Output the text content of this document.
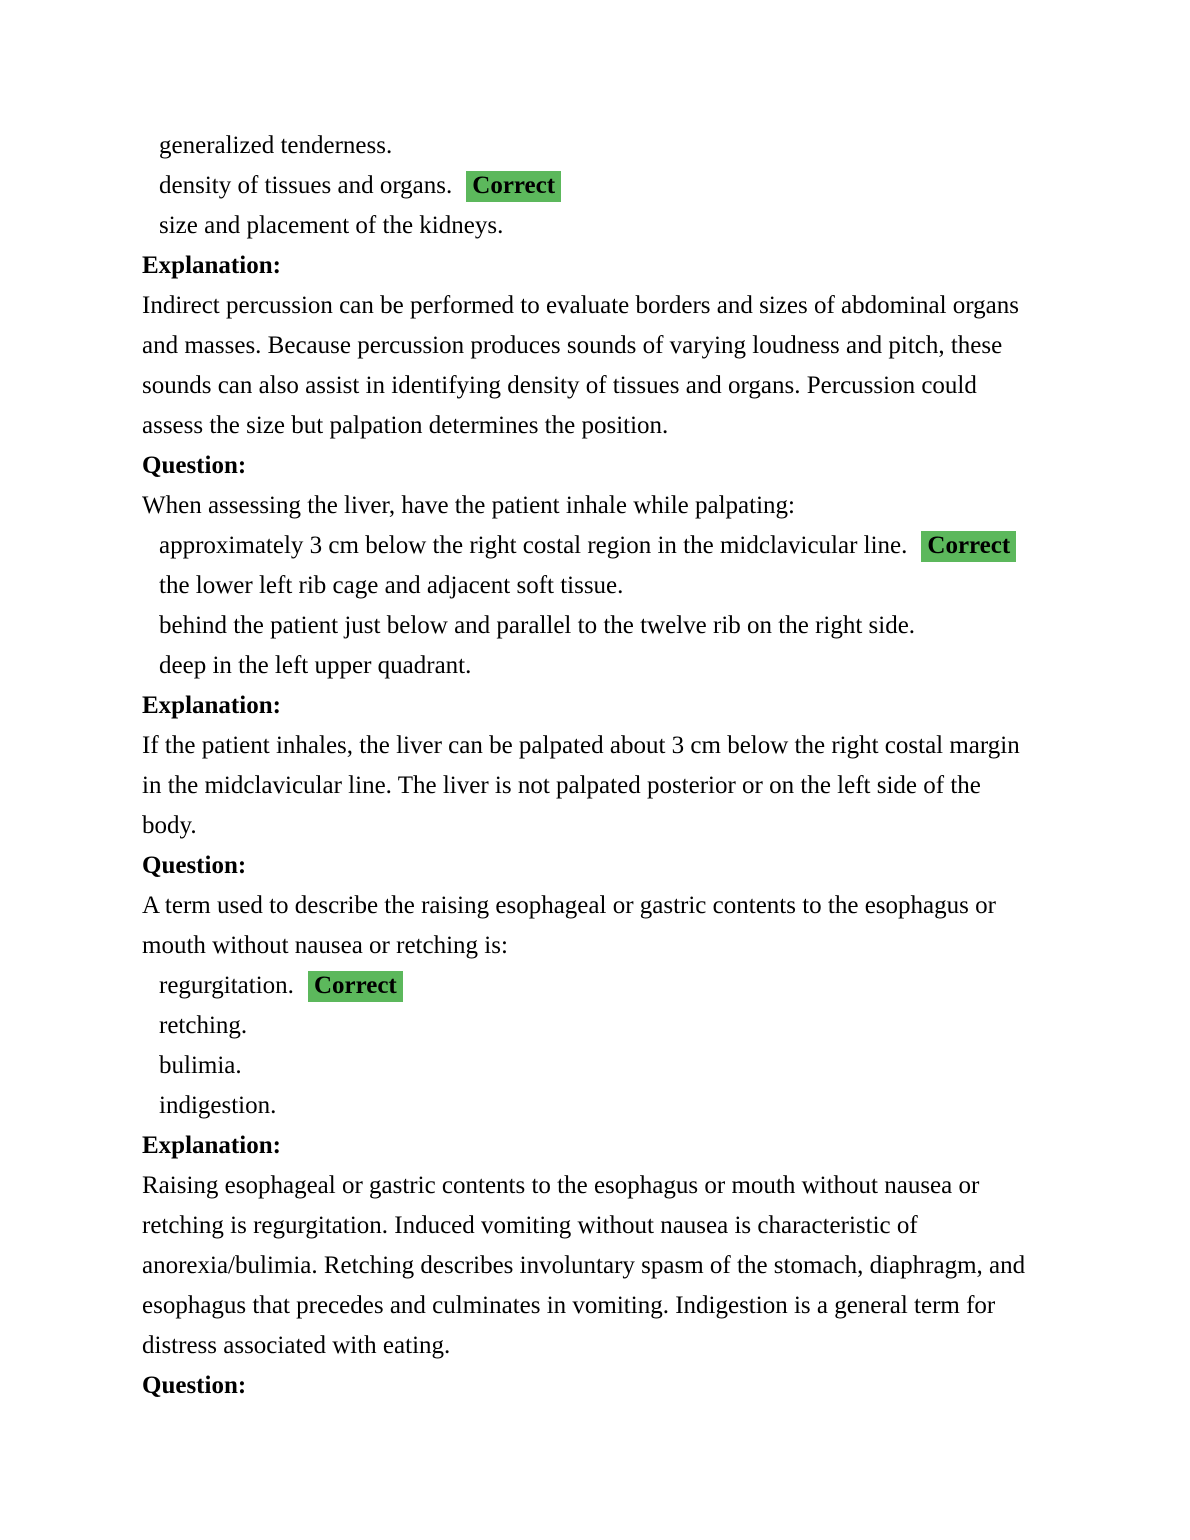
generalized tenderness.

density of tissues and organs. Correct

size and placement of the kidneys.

Explanation:

Indirect percussion can be performed to evaluate borders and sizes of abdominal organs and masses. Because percussion produces sounds of varying loudness and pitch, these sounds can also assist in identifying density of tissues and organs. Percussion could assess the size but palpation determines the position.

Question:

When assessing the liver, have the patient inhale while palpating:

approximately 3 cm below the right costal region in the midclavicular line. Correct

the lower left rib cage and adjacent soft tissue.

behind the patient just below and parallel to the twelve rib on the right side.

deep in the left upper quadrant.

Explanation:

If the patient inhales, the liver can be palpated about 3 cm below the right costal margin in the midclavicular line. The liver is not palpated posterior or on the left side of the body.

Question:

A term used to describe the raising esophageal or gastric contents to the esophagus or mouth without nausea or retching is:

regurgitation. Correct

retching.

bulimia.

indigestion.

Explanation:

Raising esophageal or gastric contents to the esophagus or mouth without nausea or retching is regurgitation. Induced vomiting without nausea is characteristic of anorexia/bulimia. Retching describes involuntary spasm of the stomach, diaphragm, and esophagus that precedes and culminates in vomiting. Indigestion is a general term for distress associated with eating.

Question:
